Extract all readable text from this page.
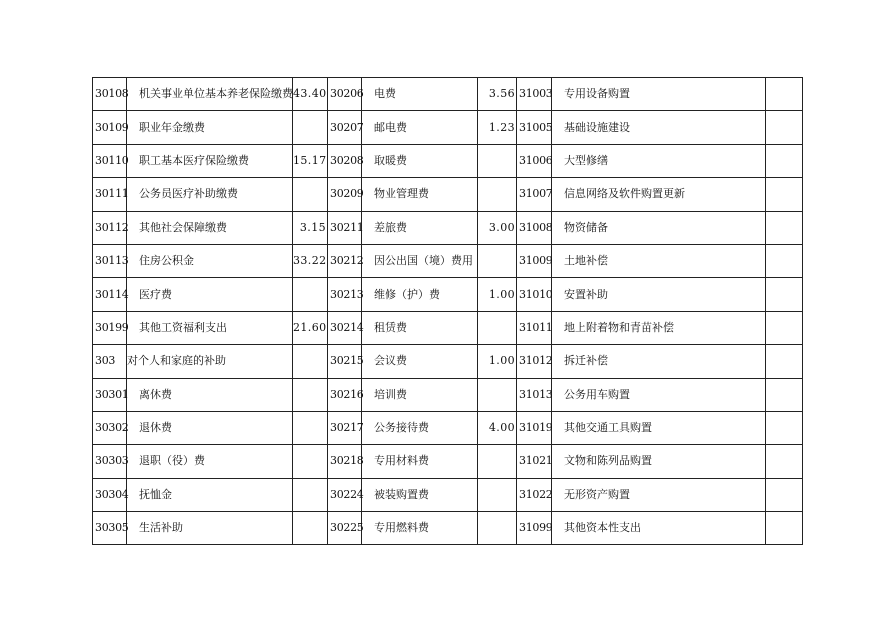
30108	机关事业单位基本养老保险缴费	43.40	30206	电费	3.56	31003	专用设备购置	
30109	职业年金缴费		30207	邮电费	1.23	31005	基础设施建设	
30110	职工基本医疗保险缴费	15.17	30208	取暖费		31006	大型修缮	
30111	公务员医疗补助缴费		30209	物业管理费		31007	信息网络及软件购置更新	
30112	其他社会保障缴费	3.15	30211	差旅费	3.00	31008	物资储备	
30113	住房公积金	33.22	30212	因公出国（境）费用		31009	土地补偿	
30114	医疗费		30213	维修（护）费	1.00	31010	安置补助	
30199	其他工资福利支出	21.60	30214	租赁费		31011	地上附着物和青苗补偿	
303	对个人和家庭的补助		30215	会议费	1.00	31012	拆迁补偿	
30301	离休费		30216	培训费		31013	公务用车购置	
30302	退休费		30217	公务接待费	4.00	31019	其他交通工具购置	
30303	退职（役）费		30218	专用材料费		31021	文物和陈列品购置	
30304	抚恤金		30224	被装购置费		31022	无形资产购置	
30305	生活补助		30225	专用燃料费		31099	其他资本性支出	
